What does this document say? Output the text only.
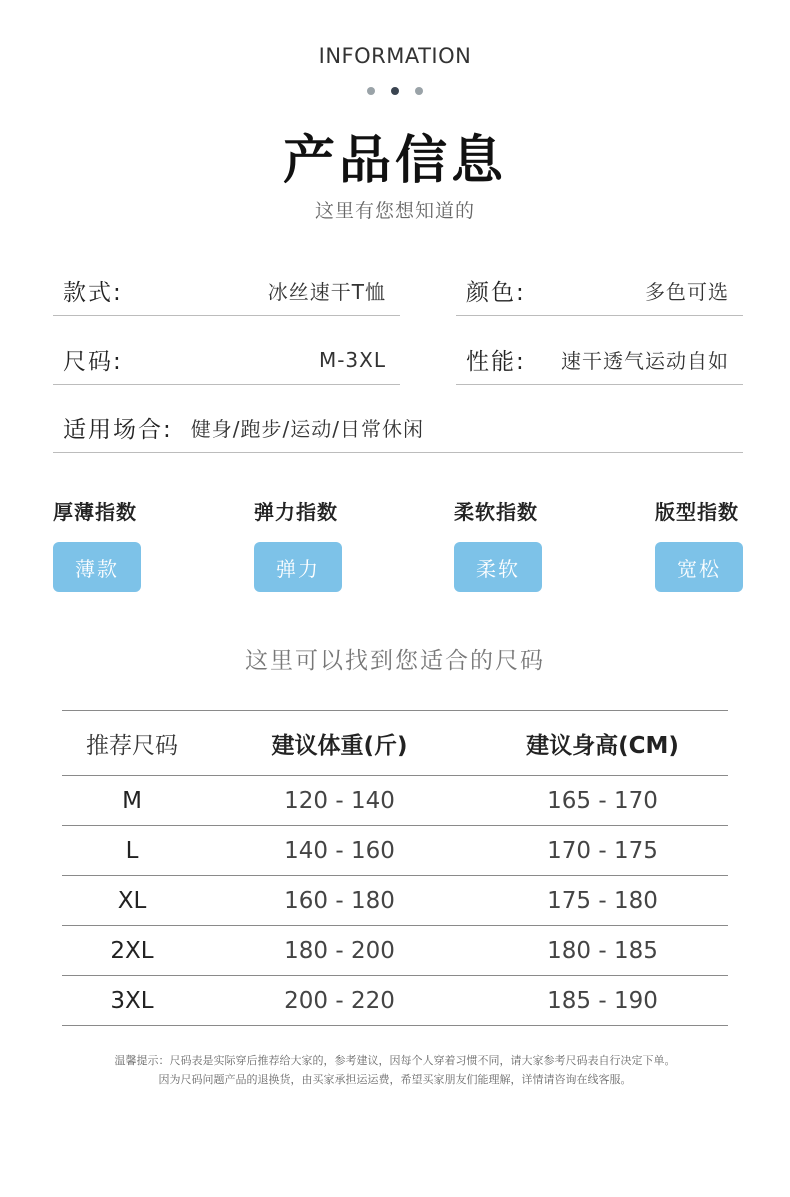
INFORMATION
产品信息
这里有您想知道的
款式:	冰丝速干T恤	颜色:	多色可选
尺码:	M-3XL	性能: 速干透气运动自如
适用场合: 健身/跑步/运动/日常休闲
厚薄指数
薄款
弹力指数
弹力
柔软指数
柔软
版型指数
宽松
这里可以找到您适合的尺码
推荐尺码	建议体重(斤)	建议身高(CM)
M	120 - 140	165 - 170
L	140 - 160	170 - 175
XL	160 - 180	175 - 180
2XL	180 - 200	180 - 185
3XL	200 - 220	185 - 190
温馨提示：尺码表是实际穿后推荐给大家的，参考建议，因每个人穿着习惯不同，请大家参考尺码表自行决定下单。
因为尺码问题产品的退换货，由买家承担运运费，希望买家朋友们能理解，详情请咨询在线客服。
